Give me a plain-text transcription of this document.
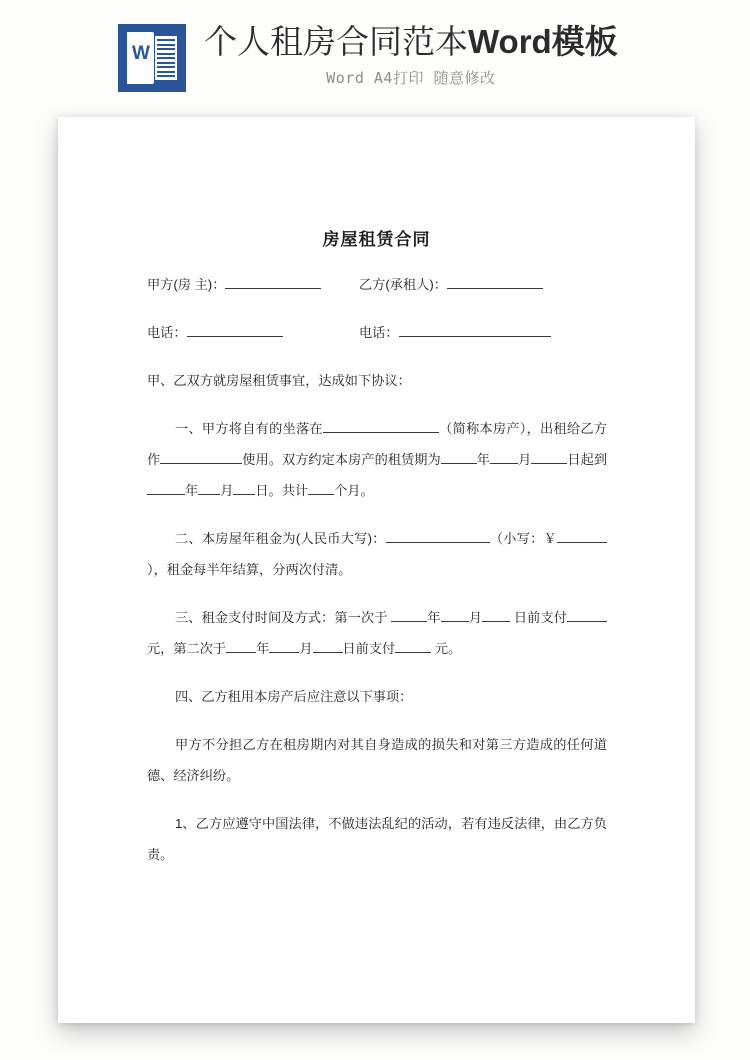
W 个人租房合同范本Word模板
Word A4打印 随意修改
房屋租赁合同
甲方(房 主)：	乙方(承租人)：
电话：	电话：

甲、乙双方就房屋租赁事宜，达成如下协议：

一、甲方将自有的坐落在	（简称本房产），出租给乙方作	使用。双方约定本房产的租赁期为	年 月	日起到年 月 日。共计 个月。

二、本房屋年租金为(人民币大写)：	（小写：￥），租金每半年结算，分两次付清。

三、租金支付时间及方式：第一次于	年 月 日前支付元，第二次于 年 月 日前支付	元。

四、乙方租用本房产后应注意以下事项：

甲方不分担乙方在租房期内对其自身造成的损失和对第三方造成的任何道德、经济纠纷。

1、乙方应遵守中国法律，不做违法乱纪的活动，若有违反法律，由乙方负责。
